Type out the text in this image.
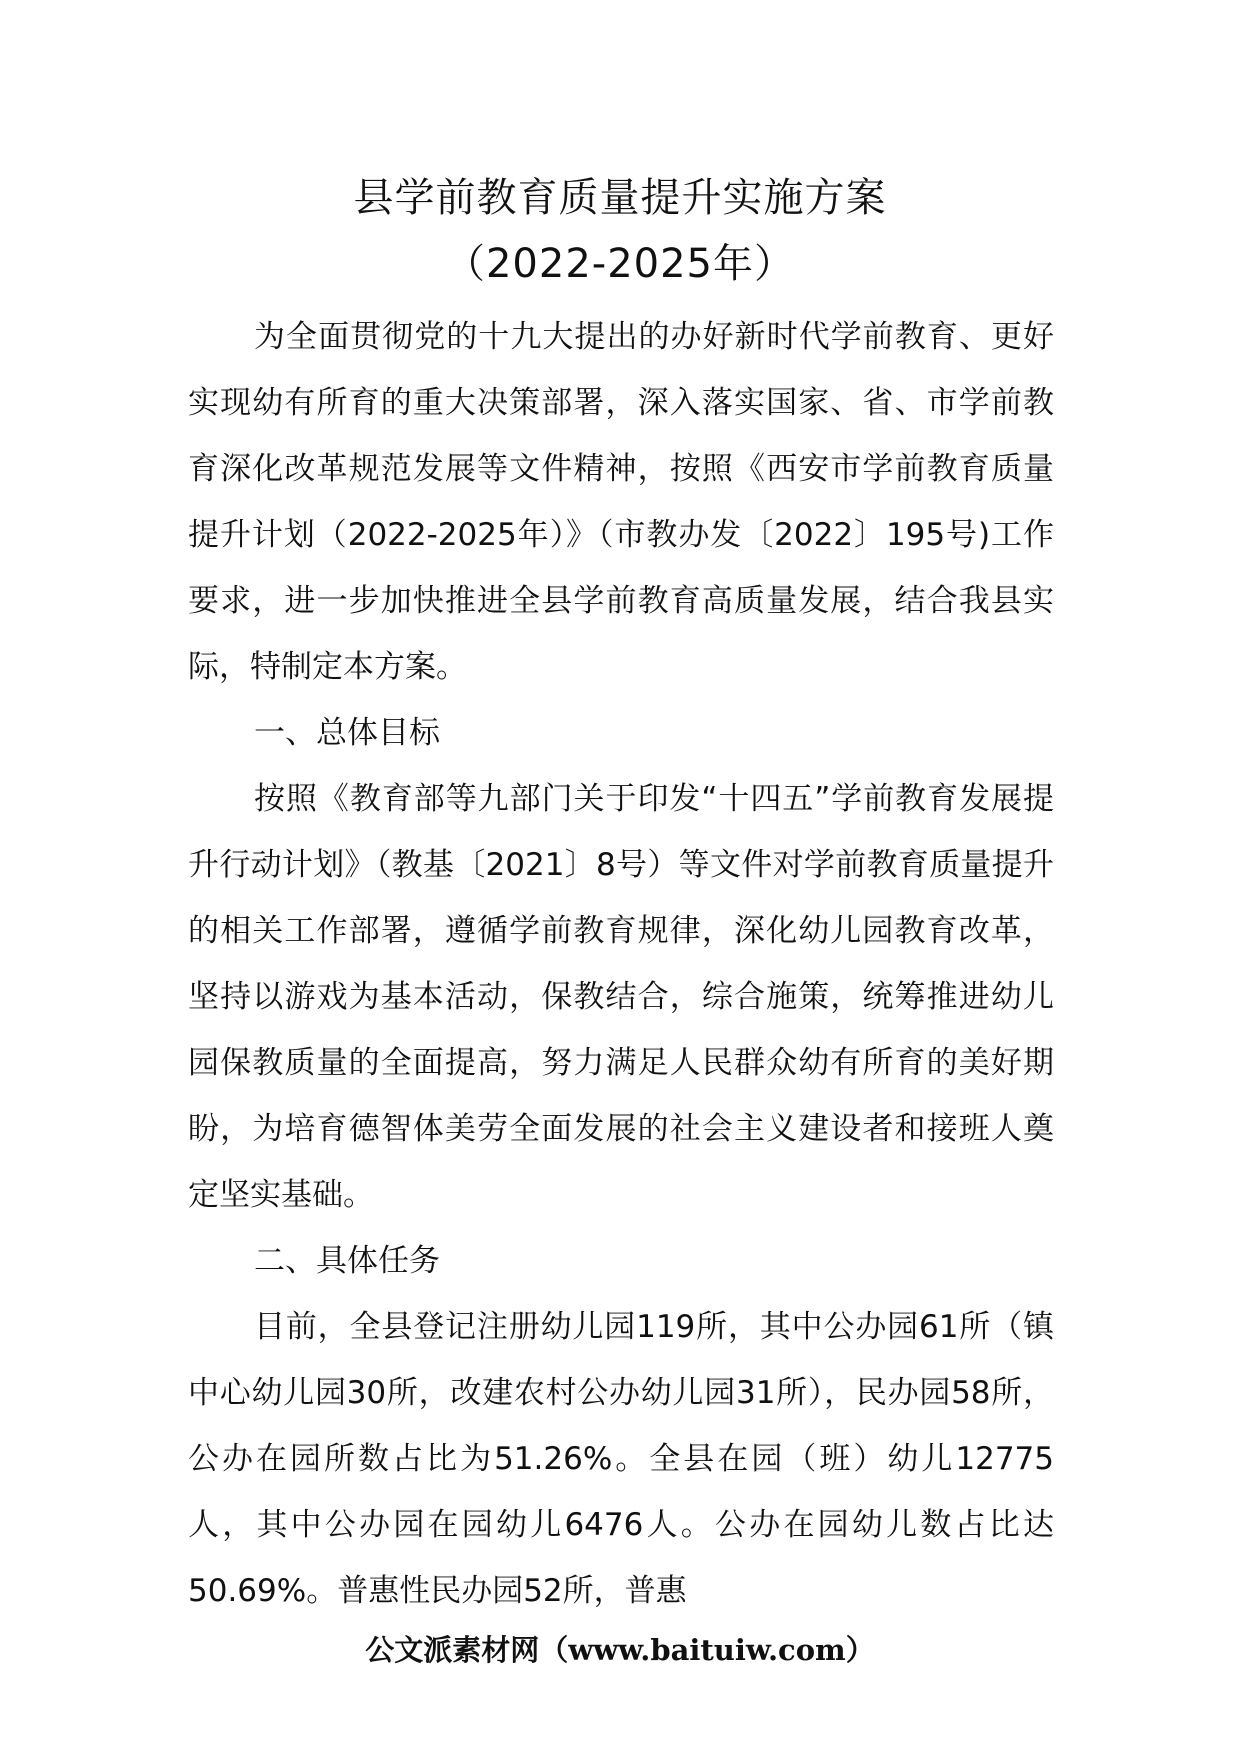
县学前教育质量提升实施方案
（2022-2025年）

为全面贯彻党的十九大提出的办好新时代学前教育、更好实现幼有所育的重大决策部署，深入落实国家、省、市学前教育深化改革规范发展等文件精神，按照《西安市学前教育质量提升计划（2022-2025年）》（市教办发〔2022〕195号)工作要求，进一步加快推进全县学前教育高质量发展，结合我县实际，特制定本方案。

一、总体目标

按照《教育部等九部门关于印发“十四五”学前教育发展提升行动计划》（教基〔2021〕8号）等文件对学前教育质量提升的相关工作部署，遵循学前教育规律，深化幼儿园教育改革，坚持以游戏为基本活动，保教结合，综合施策，统筹推进幼儿园保教质量的全面提高，努力满足人民群众幼有所育的美好期盼，为培育德智体美劳全面发展的社会主义建设者和接班人奠定坚实基础。

二、具体任务

目前，全县登记注册幼儿园119所，其中公办园61所（镇中心幼儿园30所，改建农村公办幼儿园31所），民办园58所，公办在园所数占比为51.26%。全县在园（班）幼儿12775人，其中公办园在园幼儿6476人。公办在园幼儿数占比达50.69%。普惠性民办园52所，普惠

公文派素材网（www.baituiw.com）
